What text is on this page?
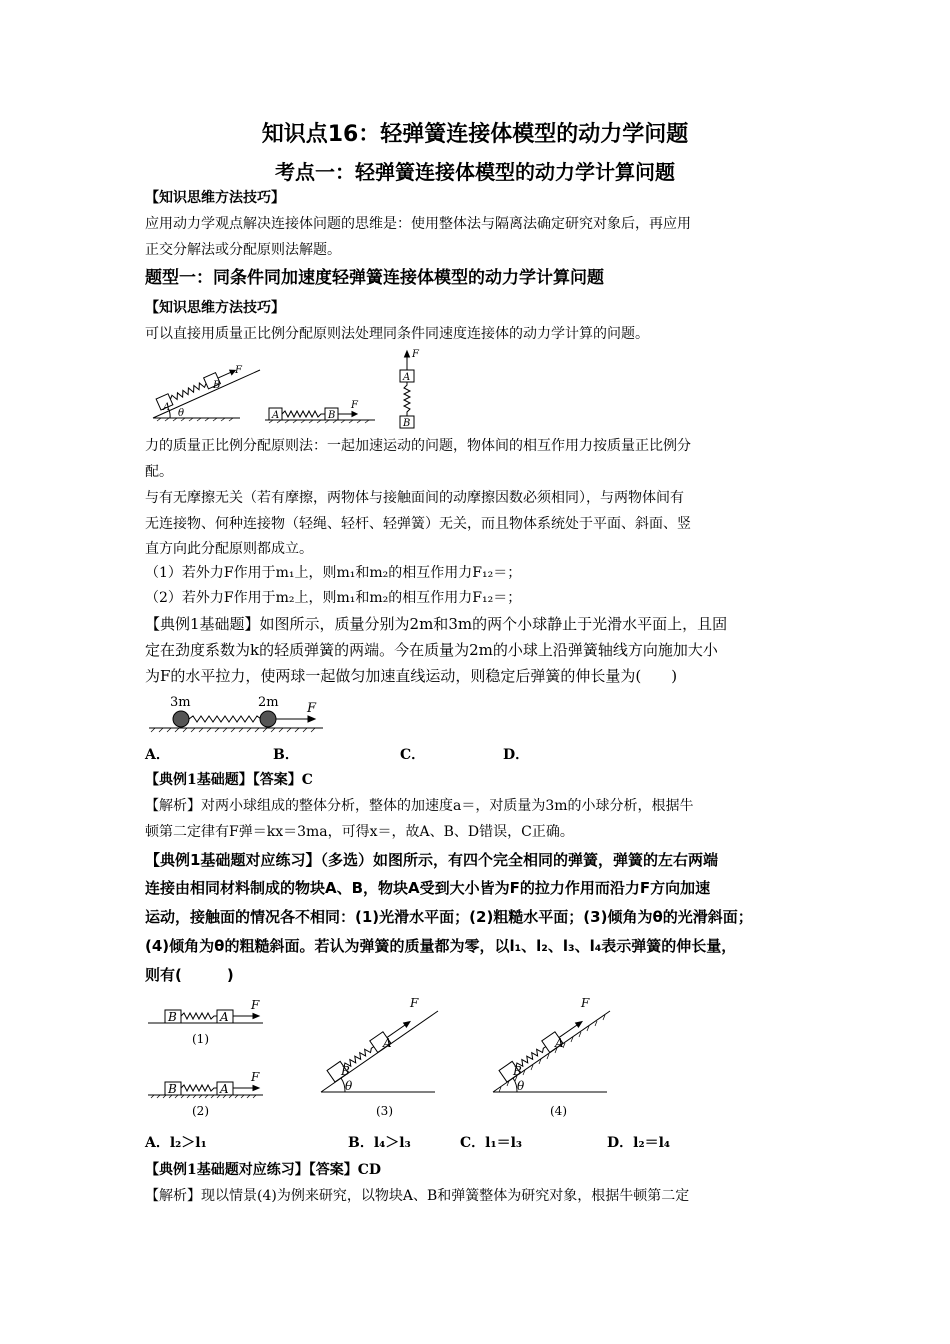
知识点16：轻弹簧连接体模型的动力学问题
考点一：轻弹簧连接体模型的动力学计算问题
【知识思维方法技巧】
应用动力学观点解决连接体问题的思维是：使用整体法与隔离法确定研究对象后，再应用
正交分解法或分配原则法解题。
题型一：同条件同加速度轻弹簧连接体模型的动力学计算问题
【知识思维方法技巧】
可以直接用质量正比例分配原则法处理同条件同速度连接体的动力学计算的问题。
A
B
F
θ	A	B
F
F
A
B
力的质量正比例分配原则法：一起加速运动的问题，物体间的相互作用力按质量正比例分
配。
与有无摩擦无关（若有摩擦，两物体与接触面间的动摩擦因数必须相同），与两物体间有
无连接物、何种连接物（轻绳、轻杆、轻弹簧）无关，而且物体系统处于平面、斜面、竖
直方向此分配原则都成立。
（1）若外力F作用于m₁上，则m₁和m₂的相互作用力F₁₂＝；
（2）若外力F作用于m₂上，则m₁和m₂的相互作用力F₁₂＝；
【典例1基础题】如图所示，质量分别为2m和3m的两个小球静止于光滑水平面上，且固
定在劲度系数为k的轻质弹簧的两端。今在质量为2m的小球上沿弹簧轴线方向施加大小
为F的水平拉力，使两球一起做匀加速直线运动，则稳定后弹簧的伸长量为(　　)
3m	2m F
A．	B．	C．	D．
【典例1基础题】【答案】C
【解析】对两小球组成的整体分析，整体的加速度a＝，对质量为3m的小球分析，根据牛
顿第二定律有F弹＝kx＝3ma，可得x＝，故A、B、D错误，C正确。
【典例1基础题对应练习】（多选）如图所示，有四个完全相同的弹簧，弹簧的左右两端
连接由相同材料制成的物块A、B，物块A受到大小皆为F的拉力作用而沿力F方向加速
运动，接触面的情况各不相同：(1)光滑水平面；(2)粗糙水平面；(3)倾角为θ的光滑斜面；
(4)倾角为θ的粗糙斜面。若认为弹簧的质量都为零，以l₁、l₂、l₃、l₄表示弹簧的伸长量，
则有(　　　)
B	A
F
(1)
B	A
F
(2)
B
A
F
θ
(3)
B
A
F
θ
(4)
A．l₂＞l₁	B．l₄＞l₃	C．l₁＝l₃	D．l₂＝l₄
【典例1基础题对应练习】【答案】CD
【解析】现以情景(4)为例来研究，以物块A、B和弹簧整体为研究对象，根据牛顿第二定
